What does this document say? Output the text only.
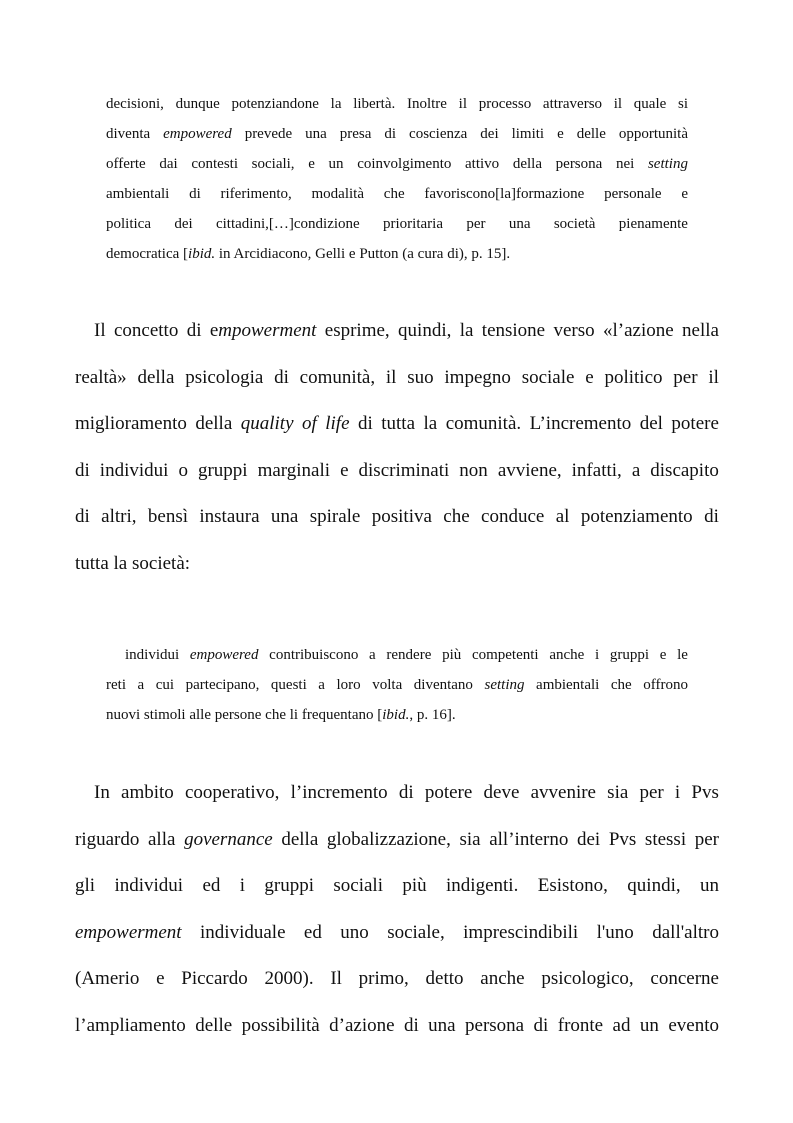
decisioni, dunque potenziandone la libertà. Inoltre il processo attraverso il quale si
diventa empowered prevede una presa di coscienza dei limiti e delle opportunità
offerte dai contesti sociali, e un coinvolgimento attivo della persona nei setting
ambientali di riferimento, modalità che favoriscono[la]formazione personale e
politica dei cittadini,[…]condizione prioritaria per una società pienamente
democratica [ibid. in Arcidiacono, Gelli e Putton (a cura di), p. 15].
Il concetto di empowerment esprime, quindi, la tensione verso «l’azione nella
realtà» della psicologia di comunità, il suo impegno sociale e politico per il
miglioramento della quality of life di tutta la comunità. L’incremento del potere
di individui o gruppi marginali e discriminati non avviene, infatti, a discapito
di altri, bensì instaura una spirale positiva che conduce al potenziamento di
tutta la società:
individui empowered contribuiscono a rendere più competenti anche i gruppi e le
reti a cui partecipano, questi a loro volta diventano setting ambientali che offrono
nuovi stimoli alle persone che li frequentano [ibid., p. 16].
In ambito cooperativo, l’incremento di potere deve avvenire sia per i Pvs
riguardo alla governance della globalizzazione, sia all’interno dei Pvs stessi per
gli individui ed i gruppi sociali più indigenti. Esistono, quindi, un
empowerment individuale ed uno sociale, imprescindibili l'uno dall'altro
(Amerio e Piccardo 2000). Il primo, detto anche psicologico, concerne
l’ampliamento delle possibilità d’azione di una persona di fronte ad un evento
